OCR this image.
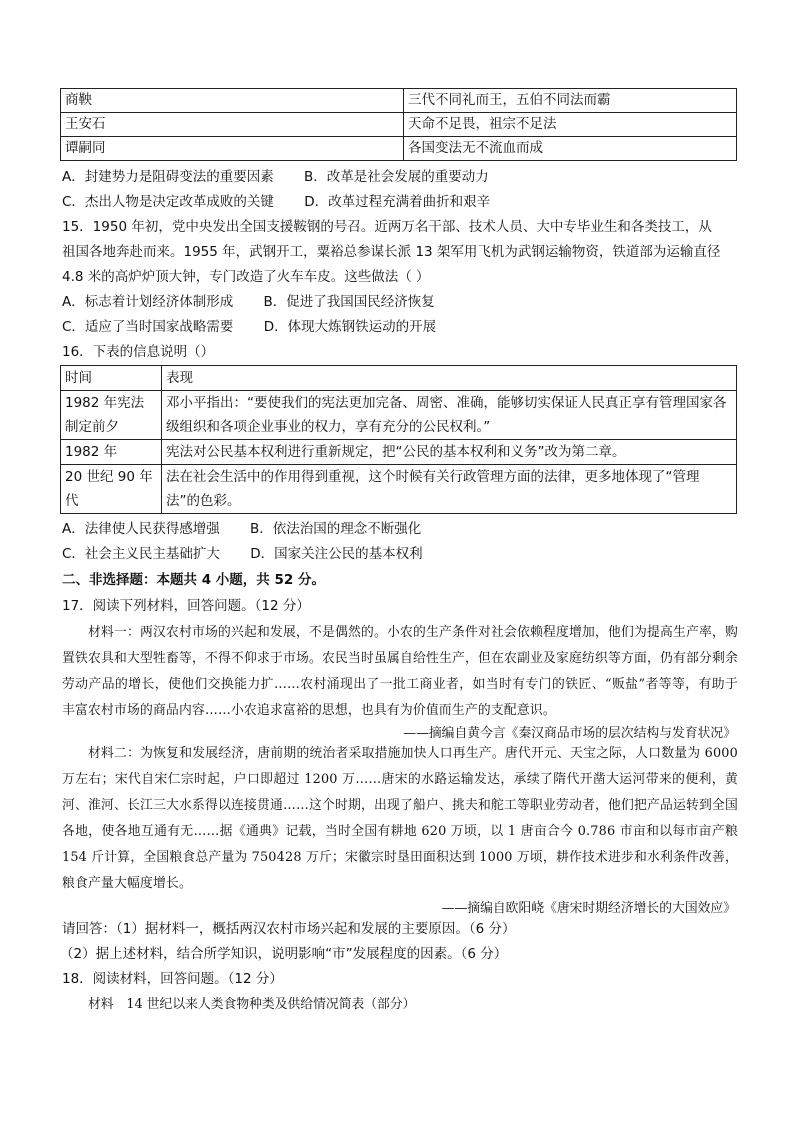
商鞅	三代不同礼而王，五伯不同法而霸
王安石	天命不足畏，祖宗不足法
谭嗣同	各国变法无不流血而成
A．封建势力是阻碍变法的重要因素 B．改革是社会发展的重要动力
C．杰出人物是决定改革成败的关键 D．改革过程充满着曲折和艰辛
15．1950 年初，党中央发出全国支援鞍钢的号召。近两万名干部、技术人员、大中专毕业生和各类技工，从
祖国各地奔赴而来。1955 年，武钢开工，粟裕总参谋长派 13 架军用飞机为武钢运输物资，铁道部为运输直径
4.8 米的高炉炉顶大钟，专门改造了火车车皮。这些做法（ ）
A．标志着计划经济体制形成 B．促进了我国国民经济恢复
C．适应了当时国家战略需要 D．体现大炼钢铁运动的开展
16．下表的信息说明（）
时间	表现
1982 年宪法制定前夕	邓小平指出：“要使我们的宪法更加完备、周密、准确，能够切实保证人民真正享有管理国家各级组织和各项企业事业的权力，享有充分的公民权利。”
1982 年	宪法对公民基本权利进行重新规定，把“公民的基本权利和义务”改为第二章。
20 世纪 90 年代	法在社会生活中的作用得到重视，这个时候有关行政管理方面的法律，更多地体现了“管理法”的色彩。
A．法律使人民获得感增强 B．依法治国的理念不断强化
C．社会主义民主基础扩大 D．国家关注公民的基本权利
二、非选择题：本题共 4 小题，共 52 分。
17．阅读下列材料，回答问题。（12 分）
材料一：两汉农村市场的兴起和发展，不是偶然的。小农的生产条件对社会依赖程度增加，他们为提高生产率，购置铁农具和大型牲畜等，不得不仰求于市场。农民当时虽属自给性生产，但在农副业及家庭纺织等方面，仍有部分剩余劳动产品的增长，使他们交换能力扩……农村涌现出了一批工商业者，如当时有专门的铁匠、“贩盐”者等等，有助于丰富农村市场的商品内容……小农追求富裕的思想，也具有为价值而生产的支配意识。
——摘编自黄今言《秦汉商品市场的层次结构与发育状况》
材料二：为恢复和发展经济，唐前期的统治者采取措施加快人口再生产。唐代开元、天宝之际，人口数量为 6000 万左右；宋代自宋仁宗时起，户口即超过 1200 万……唐宋的水路运输发达，承续了隋代开凿大运河带来的便利，黄河、淮河、长江三大水系得以连接贯通……这个时期，出现了船户、挑夫和舵工等职业劳动者，他们把产品运转到全国各地，使各地互通有无……据《通典》记载，当时全国有耕地 620 万顷，以 1 唐亩合今 0.786 市亩和以每市亩产粮 154 斤计算，全国粮食总产量为 750428 万斤；宋徽宗时垦田面积达到 1000 万顷，耕作技术进步和水利条件改善，粮食产量大幅度增长。
——摘编自欧阳峣《唐宋时期经济增长的大国效应》
请回答：（1）据材料一，概括两汉农村市场兴起和发展的主要原因。（6 分）
（2）据上述材料，结合所学知识，说明影响“市”发展程度的因素。（6 分）
18．阅读材料，回答问题。（12 分）
材料　14 世纪以来人类食物种类及供给情况简表（部分）
